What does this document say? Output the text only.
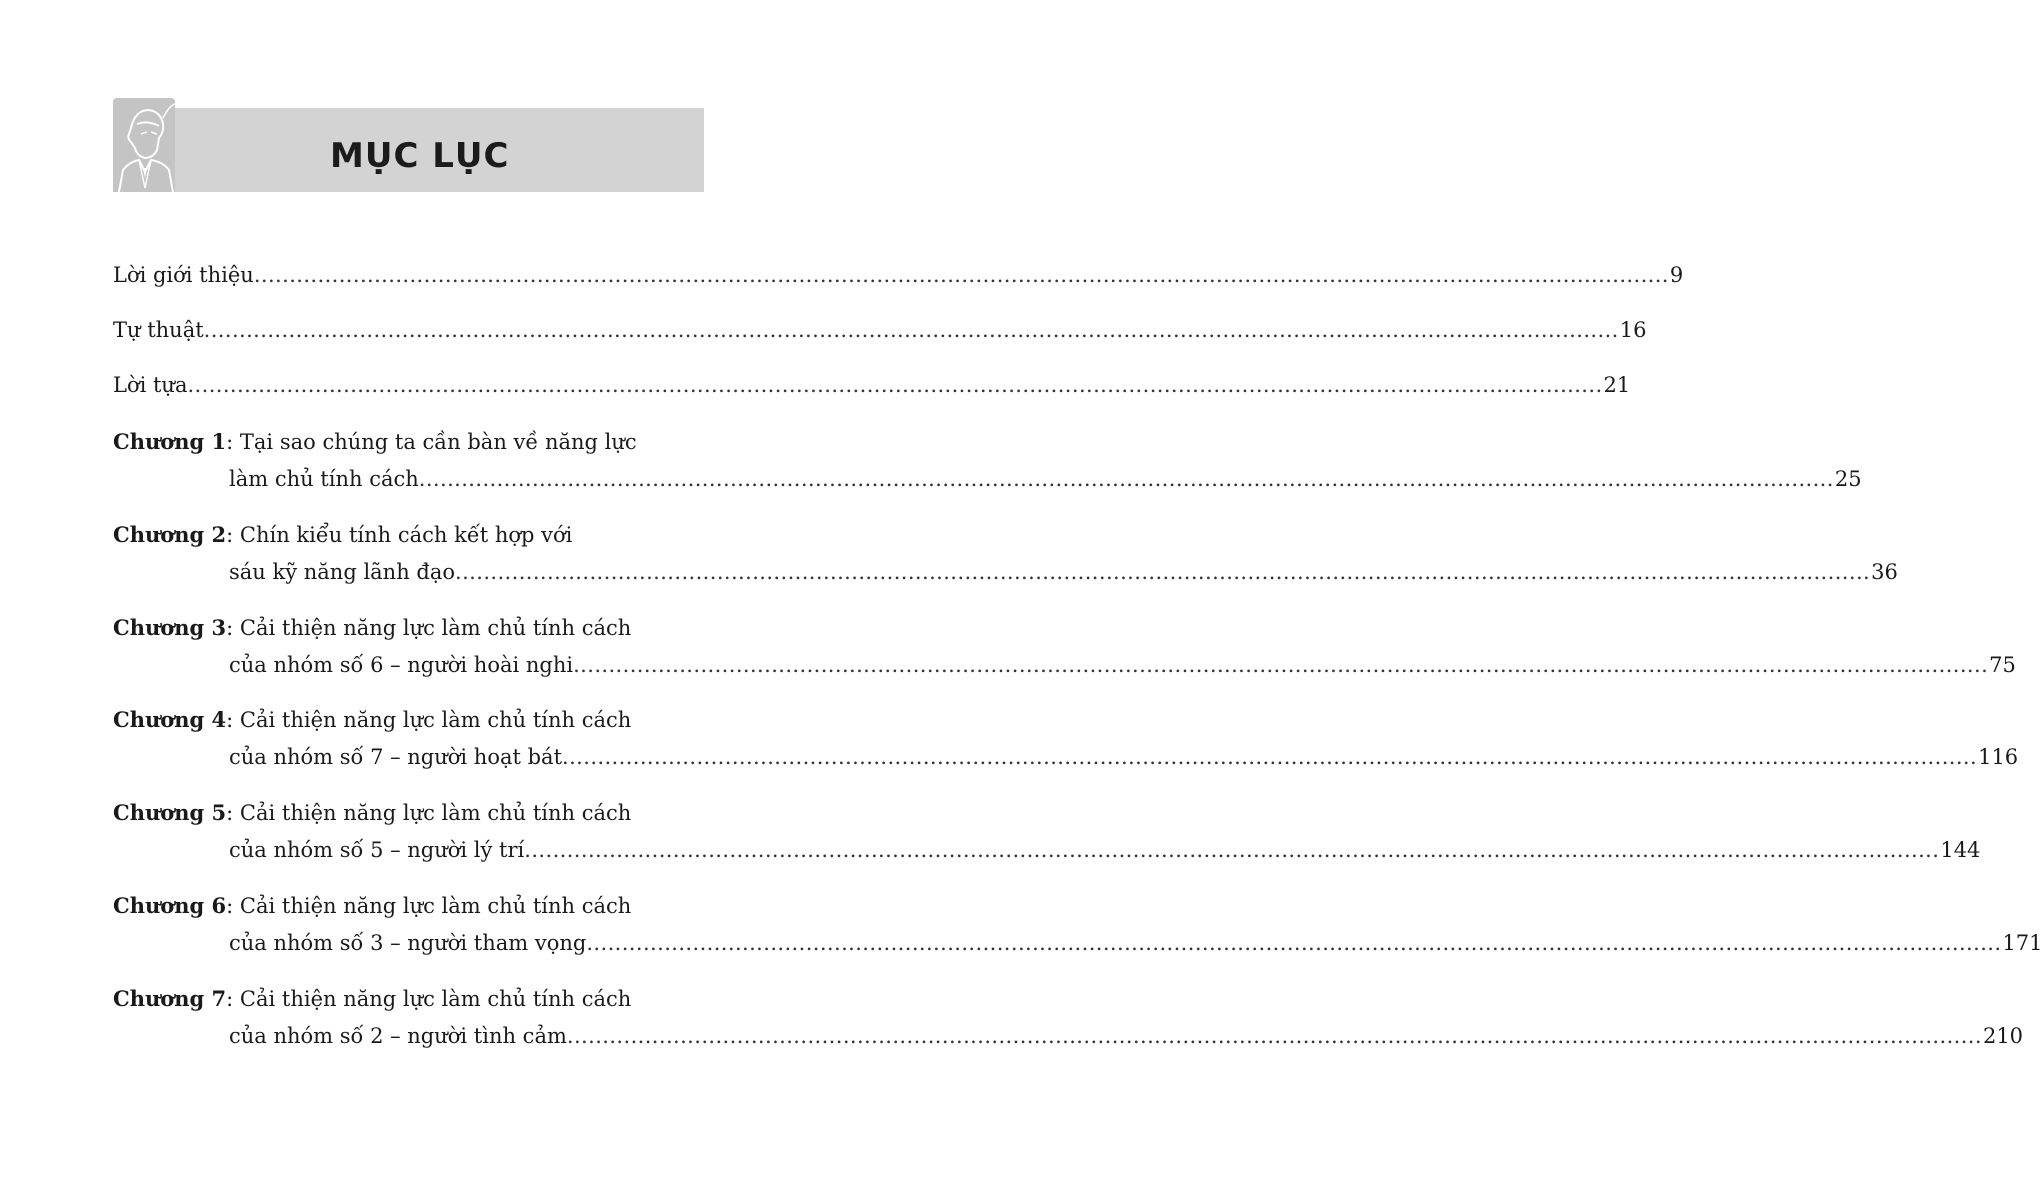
MỤC LỤC
Lời giới thiệu ........................................................................................................................................................................................................ 9
Tự thuật ........................................................................................................................................................................................................ 16
Lời tựa ........................................................................................................................................................................................................ 21
Chương 1: Tại sao chúng ta cần bàn về năng lực
làm chủ tính cách ........................................................................................................................................................................................................ 25
Chương 2: Chín kiểu tính cách kết hợp với
sáu kỹ năng lãnh đạo ........................................................................................................................................................................................................ 36
Chương 3: Cải thiện năng lực làm chủ tính cách
của nhóm số 6 – người hoài nghi ........................................................................................................................................................................................................ 75
Chương 4: Cải thiện năng lực làm chủ tính cách
của nhóm số 7 – người hoạt bát ........................................................................................................................................................................................................ 116
Chương 5: Cải thiện năng lực làm chủ tính cách
của nhóm số 5 – người lý trí ........................................................................................................................................................................................................ 144
Chương 6: Cải thiện năng lực làm chủ tính cách
của nhóm số 3 – người tham vọng ........................................................................................................................................................................................................ 171
Chương 7: Cải thiện năng lực làm chủ tính cách
của nhóm số 2 – người tình cảm ........................................................................................................................................................................................................ 210
